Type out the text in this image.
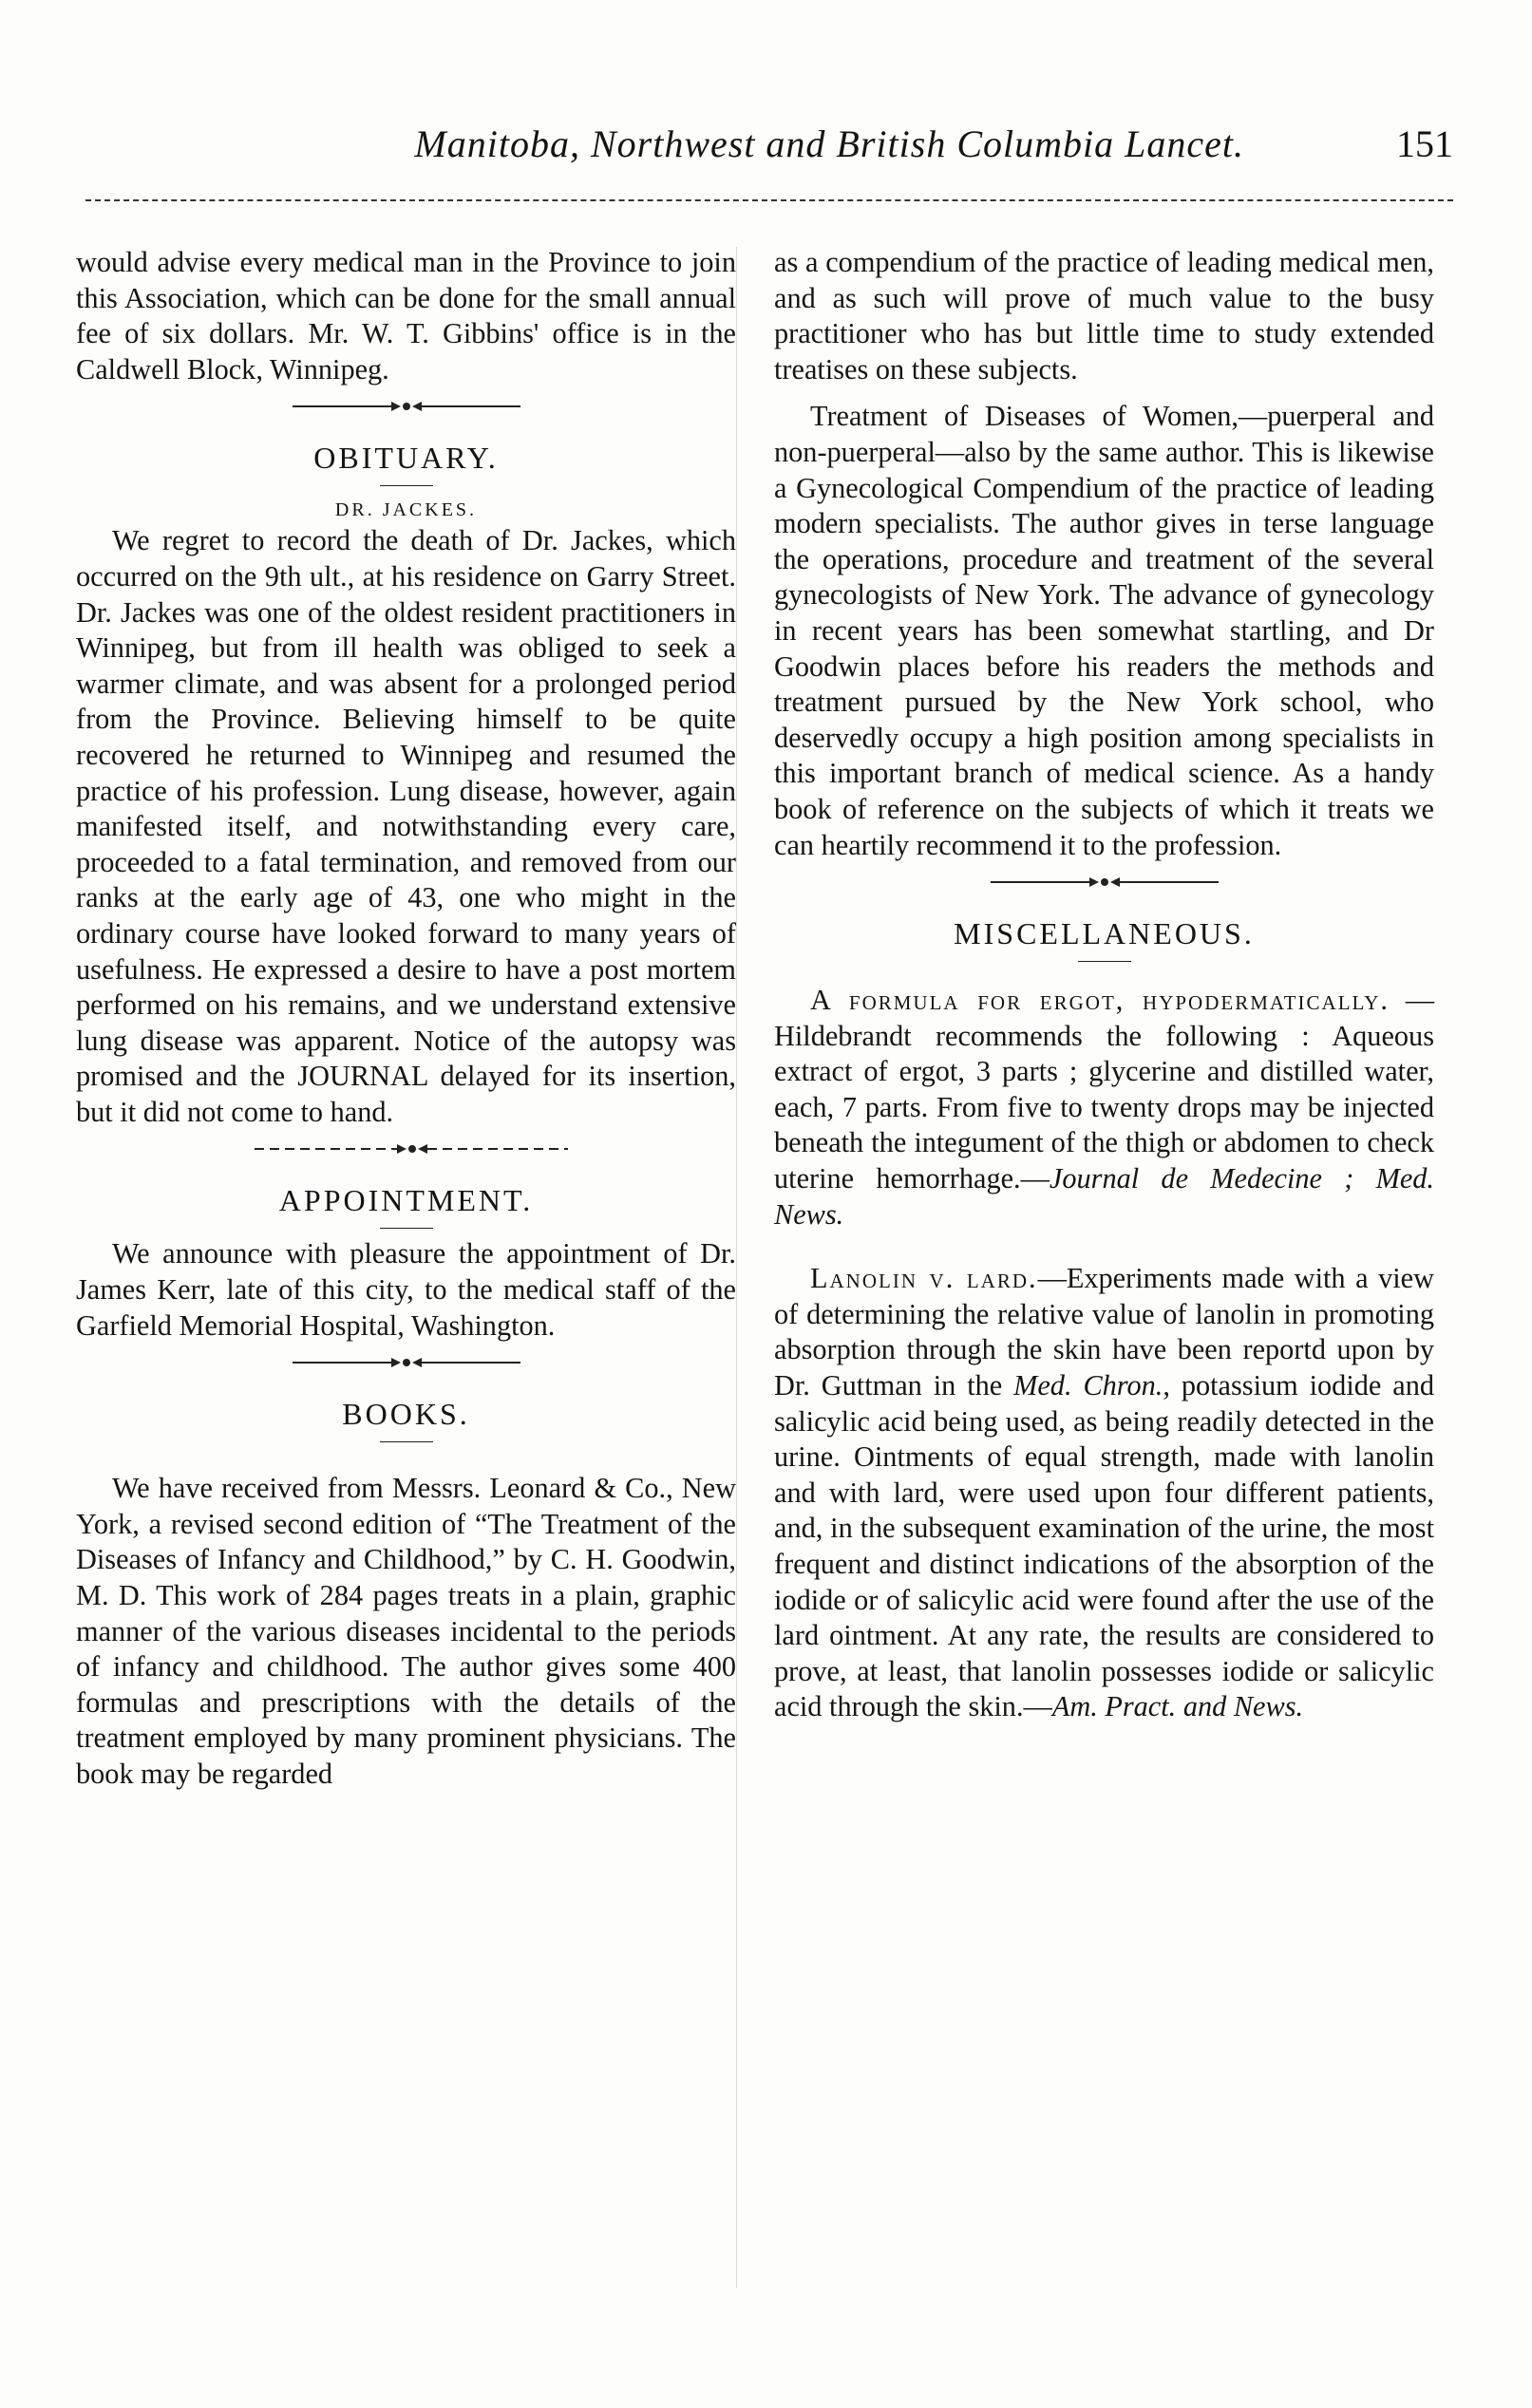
Manitoba, Northwest and British Columbia Lancet.	151

would advise every medical man in the Province to join this Association, which can be done for the small annual fee of six dollars. Mr. W. T. Gibbins' office is in the Caldwell Block, Winnipeg.

OBITUARY.
DR. JACKES.

We regret to record the death of Dr. Jackes, which occurred on the 9th ult., at his residence on Garry Street. Dr. Jackes was one of the oldest resident practitioners in Winnipeg, but from ill health was obliged to seek a warmer climate, and was absent for a prolonged period from the Province. Believing himself to be quite recovered he returned to Winnipeg and resumed the practice of his profession. Lung disease, however, again manifested itself, and notwithstanding every care, proceeded to a fatal termination, and removed from our ranks at the early age of 43, one who might in the ordinary course have looked forward to many years of usefulness. He expressed a desire to have a post mortem performed on his remains, and we understand extensive lung disease was apparent. Notice of the autopsy was promised and the JOURNAL delayed for its insertion, but it did not come to hand.

APPOINTMENT.

We announce with pleasure the appointment of Dr. James Kerr, late of this city, to the medical staff of the Garfield Memorial Hospital, Washington.

BOOKS.

We have received from Messrs. Leonard & Co., New York, a revised second edition of “The Treatment of the Diseases of Infancy and Childhood,” by C. H. Goodwin, M. D. This work of 284 pages treats in a plain, graphic manner of the various diseases incidental to the periods of infancy and childhood. The author gives some 400 formulas and prescriptions with the details of the treatment employed by many prominent physicians. The book may be regarded

as a compendium of the practice of leading medical men, and as such will prove of much value to the busy practitioner who has but little time to study extended treatises on these subjects.

Treatment of Diseases of Women,—puerperal and non-puerperal—also by the same author. This is likewise a Gynecological Compendium of the practice of leading modern specialists. The author gives in terse language the operations, procedure and treatment of the several gynecologists of New York. The advance of gynecology in recent years has been somewhat startling, and Dr Goodwin places before his readers the methods and treatment pursued by the New York school, who deservedly occupy a high position among specialists in this important branch of medical science. As a handy book of reference on the subjects of which it treats we can heartily recommend it to the profession.

MISCELLANEOUS.

A formula for ergot, hypodermatically. — Hildebrandt recommends the following : Aqueous extract of ergot, 3 parts ; glycerine and distilled water, each, 7 parts. From five to twenty drops may be injected beneath the integument of the thigh or abdomen to check uterine hemorrhage.—Journal de Medecine ; Med. News.

Lanolin v. lard.—Experiments made with a view of determining the relative value of lanolin in promoting absorption through the skin have been reportd upon by Dr. Guttman in the Med. Chron., potassium iodide and salicylic acid being used, as being readily detected in the urine. Ointments of equal strength, made with lanolin and with lard, were used upon four different patients, and, in the subsequent examination of the urine, the most frequent and distinct indications of the absorption of the iodide or of salicylic acid were found after the use of the lard ointment. At any rate, the results are considered to prove, at least, that lanolin possesses iodide or salicylic acid through the skin.—Am. Pract. and News.
